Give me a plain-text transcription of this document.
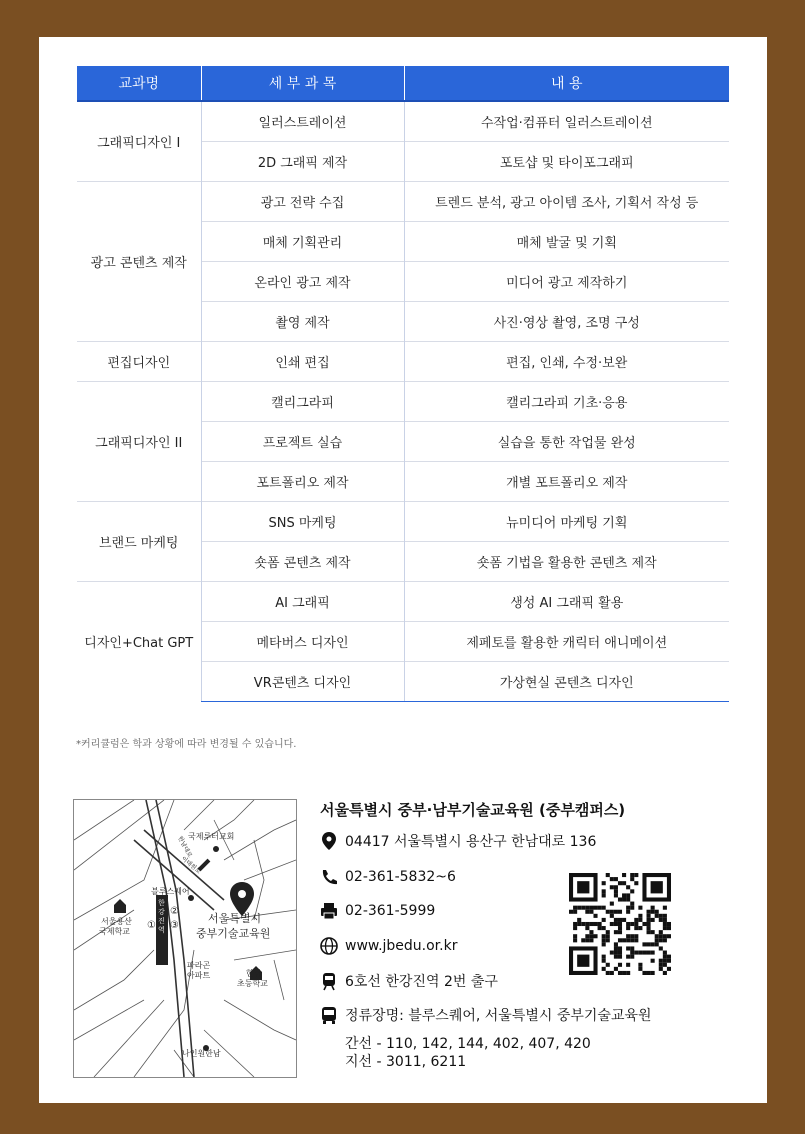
교과명	세 부 과 목	내 용
그래픽디자인 I	일러스트레이션	수작업·컴퓨터 일러스트레이션
	2D 그래픽 제작	포토샵 및 타이포그래피
광고 콘텐츠 제작	광고 전략 수집	트렌드 분석, 광고 아이템 조사, 기획서 작성 등
	매체 기획관리	매체 발굴 및 기획
	온라인 광고 제작	미디어 광고 제작하기
	촬영 제작	사진·영상 촬영, 조명 구성
편집디자인	인쇄 편집	편집, 인쇄, 수정·보완
그래픽디자인 II	캘리그라피	캘리그라피 기초·응용
	프로젝트 실습	실습을 통한 작업물 완성
	포트폴리오 제작	개별 포트폴리오 제작
브랜드 마케팅	SNS 마케팅	뉴미디어 마케팅 기획
	숏폼 콘텐츠 제작	숏폼 기법을 활용한 콘텐츠 제작
디자인+Chat GPT	AI 그래픽	생성 AI 그래픽 활용
	메타버스 디자인	제페토를 활용한 캐릭터 애니메이션
	VR콘텐츠 디자인	가상현실 콘텐츠 디자인
*커리큘럼은 학과 상황에 따라 변경될 수 있습니다.
국제루터교회
블루스퀘어
서울용산
국제학교
서울특별시
중부기술교육원
①
②
③
파라곤
아파트	한남
초등학교
나인원한남
한강진역
한남대로
이태원로
서울특별시 중부·남부기술교육원 (중부캠퍼스)
04417 서울특별시 용산구 한남대로 136
02-361-5832~6
02-361-5999
www.jbedu.or.kr
6호선 한강진역 2번 출구
정류장명: 블루스퀘어, 서울특별시 중부기술교육원
간선 - 110, 142, 144, 402, 407, 420
지선 - 3011, 6211
